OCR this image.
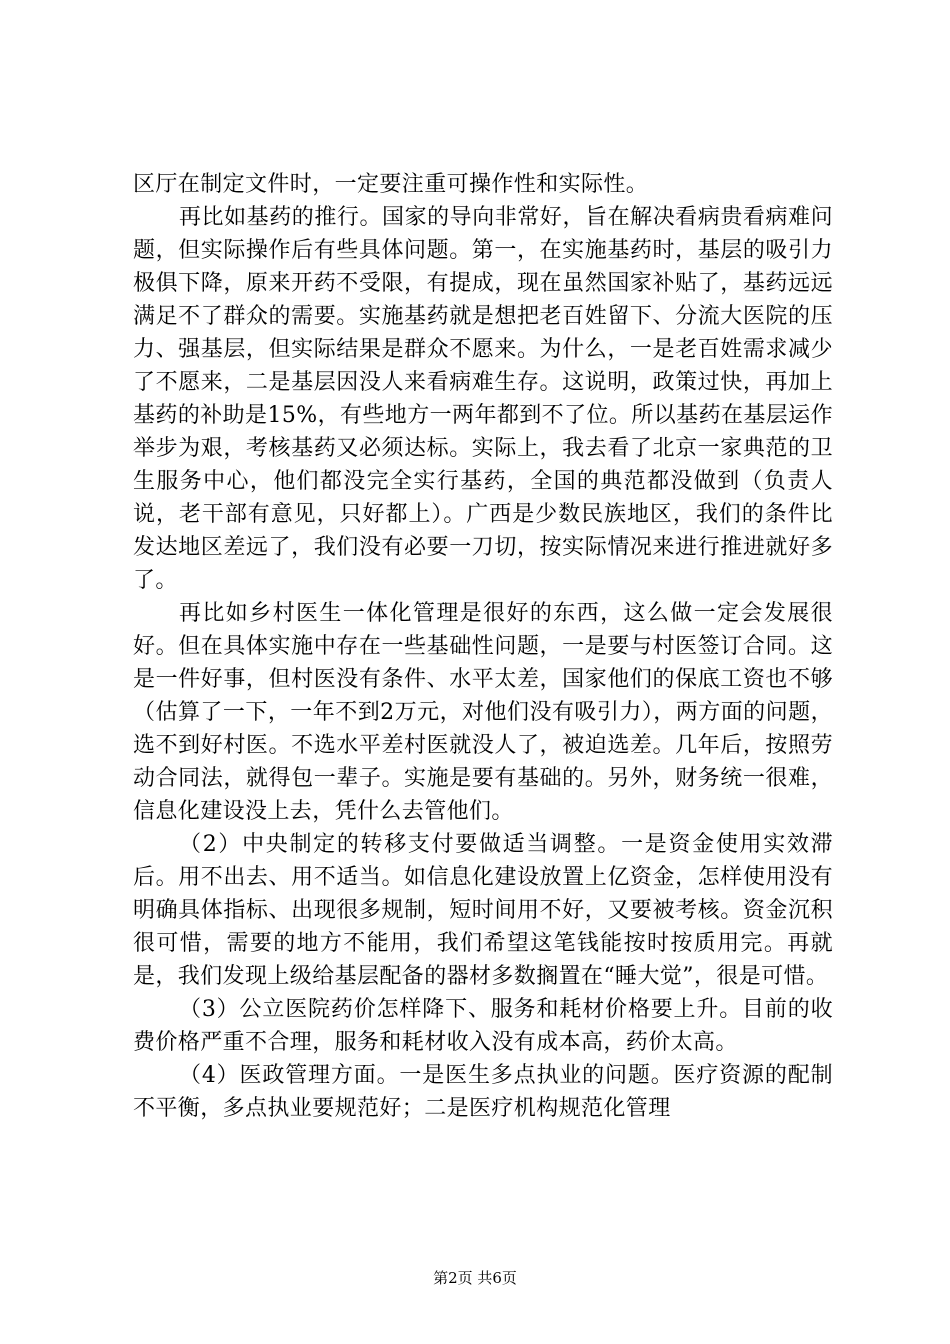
区厅在制定文件时，一定要注重可操作性和实际性。

再比如基药的推行。国家的导向非常好，旨在解决看病贵看病难问题，但实际操作后有些具体问题。第一，在实施基药时，基层的吸引力极俱下降，原来开药不受限，有提成，现在虽然国家补贴了，基药远远满足不了群众的需要。实施基药就是想把老百姓留下、分流大医院的压力、强基层，但实际结果是群众不愿来。为什么，一是老百姓需求减少了不愿来，二是基层因没人来看病难生存。这说明，政策过快，再加上基药的补助是15%，有些地方一两年都到不了位。所以基药在基层运作举步为艰，考核基药又必须达标。实际上，我去看了北京一家典范的卫生服务中心，他们都没完全实行基药，全国的典范都没做到（负责人说，老干部有意见，只好都上）。广西是少数民族地区，我们的条件比发达地区差远了，我们没有必要一刀切，按实际情况来进行推进就好多了。

再比如乡村医生一体化管理是很好的东西，这么做一定会发展很好。但在具体实施中存在一些基础性问题，一是要与村医签订合同。这是一件好事，但村医没有条件、水平太差，国家他们的保底工资也不够（估算了一下，一年不到2万元，对他们没有吸引力），两方面的问题，选不到好村医。不选水平差村医就没人了，被迫选差。几年后，按照劳动合同法，就得包一辈子。实施是要有基础的。另外，财务统一很难，信息化建设没上去，凭什么去管他们。

（2）中央制定的转移支付要做适当调整。一是资金使用实效滞后。用不出去、用不适当。如信息化建设放置上亿资金，怎样使用没有明确具体指标、出现很多规制，短时间用不好，又要被考核。资金沉积很可惜，需要的地方不能用，我们希望这笔钱能按时按质用完。再就是，我们发现上级给基层配备的器材多数搁置在“睡大觉”，很是可惜。

（3）公立医院药价怎样降下、服务和耗材价格要上升。目前的收费价格严重不合理，服务和耗材收入没有成本高，药价太高。

（4）医政管理方面。一是医生多点执业的问题。医疗资源的配制不平衡，多点执业要规范好；二是医疗机构规范化管理

第2页 共6页
